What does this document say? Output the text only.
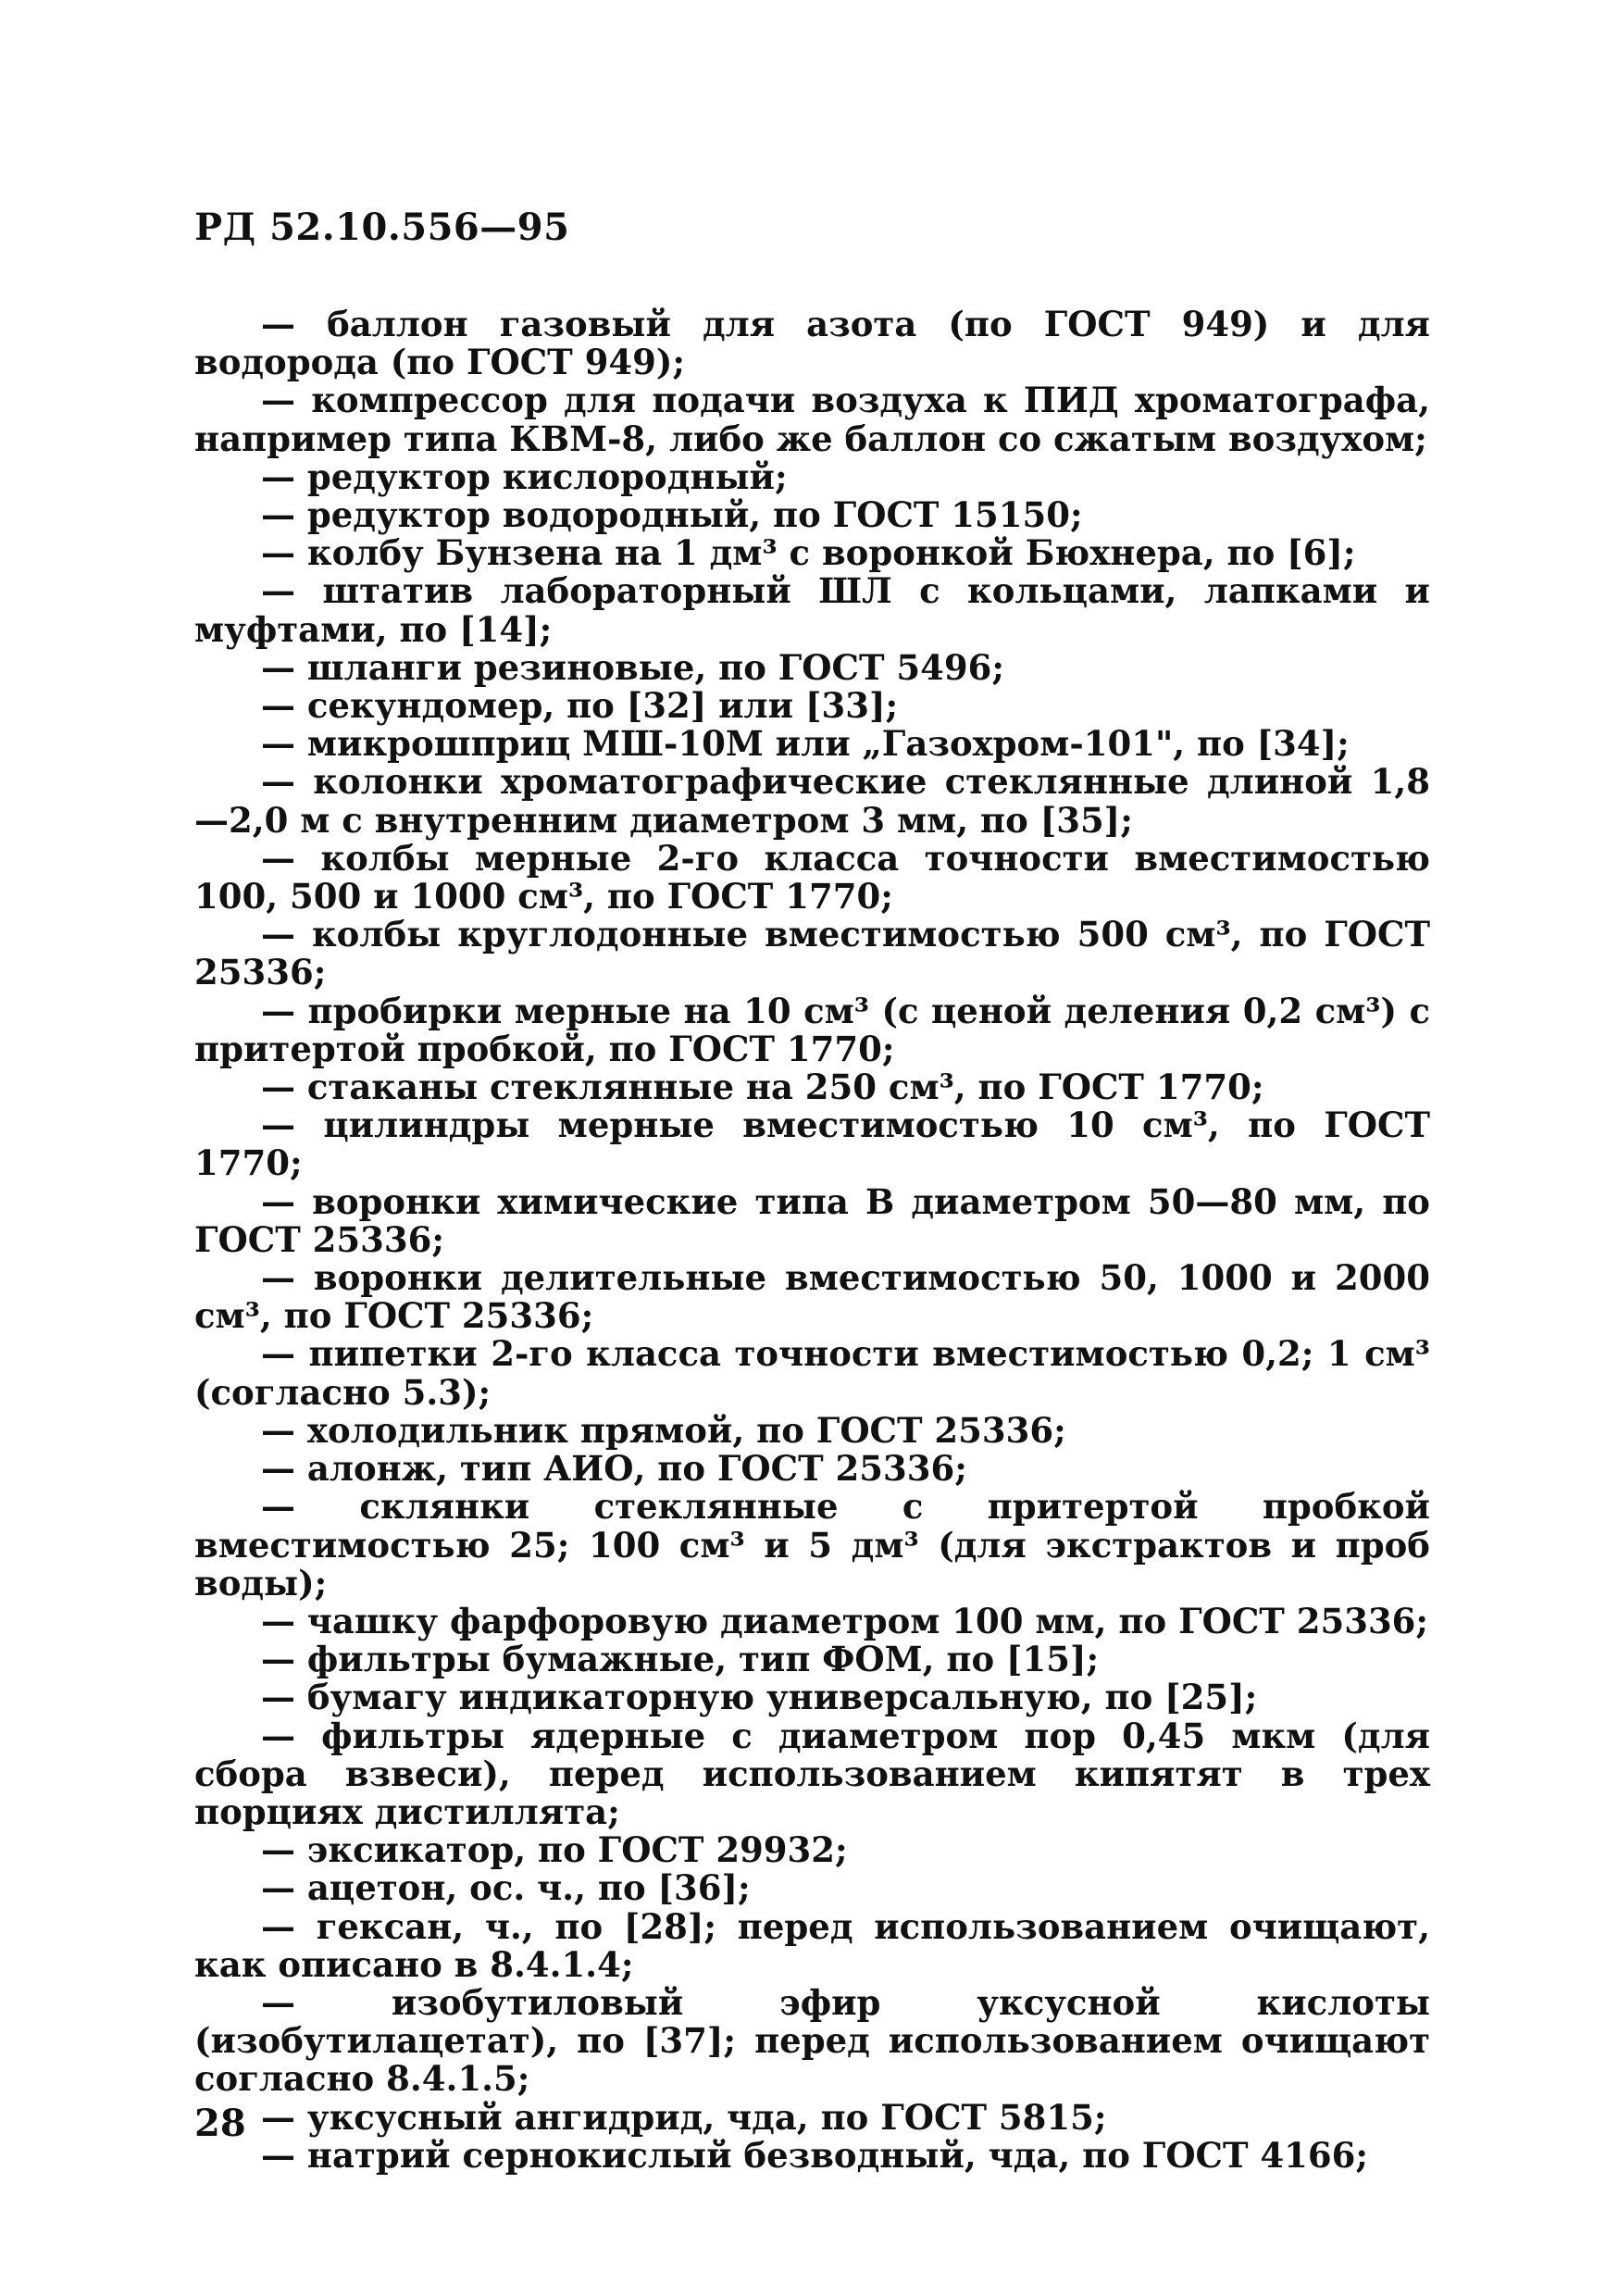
РД 52.10.556—95

— баллон газовый для азота (по ГОСТ 949) и для водорода (по ГОСТ 949);

— компрессор для подачи воздуха к ПИД хроматографа, например типа КВМ-8, либо же баллон со сжатым воздухом;

— редуктор кислородный;

— редуктор водородный, по ГОСТ 15150;

— колбу Бунзена на 1 дм³ с воронкой Бюхнера, по [6];

— штатив лабораторный ШЛ с кольцами, лапками и муфтами, по [14];

— шланги резиновые, по ГОСТ 5496;

— секундомер, по [32] или [33];

— микрошприц МШ-10М или „Газохром-101", по [34];

— колонки хроматографические стеклянные длиной 1,8—2,0 м с внутренним диаметром 3 мм, по [35];

— колбы мерные 2-го класса точности вместимостью 100, 500 и 1000 см³, по ГОСТ 1770;

— колбы круглодонные вместимостью 500 см³, по ГОСТ 25336;

— пробирки мерные на 10 см³ (с ценой деления 0,2 см³) с притертой пробкой, по ГОСТ 1770;

— стаканы стеклянные на 250 см³, по ГОСТ 1770;

— цилиндры мерные вместимостью 10 см³, по ГОСТ 1770;

— воронки химические типа В диаметром 50—80 мм, по ГОСТ 25336;

— воронки делительные вместимостью 50, 1000 и 2000 см³, по ГОСТ 25336;

— пипетки 2-го класса точности вместимостью 0,2; 1 см³ (согласно 5.3);

— холодильник прямой, по ГОСТ 25336;

— алонж, тип АИО, по ГОСТ 25336;

— склянки стеклянные с притертой пробкой вместимостью 25; 100 см³ и 5 дм³ (для экстрактов и проб воды);

— чашку фарфоровую диаметром 100 мм, по ГОСТ 25336;

— фильтры бумажные, тип ФОМ, по [15];

— бумагу индикаторную универсальную, по [25];

— фильтры ядерные с диаметром пор 0,45 мкм (для сбора взвеси), перед использованием кипятят в трех порциях дистиллята;

— эксикатор, по ГОСТ 29932;

— ацетон, ос. ч., по [36];

— гексан, ч., по [28]; перед использованием очищают, как описано в 8.4.1.4;

— изобутиловый эфир уксусной кислоты (изобутилацетат), по [37]; перед использованием очищают согласно 8.4.1.5;

— уксусный ангидрид, чда, по ГОСТ 5815;

— натрий сернокислый безводный, чда, по ГОСТ 4166;

28
